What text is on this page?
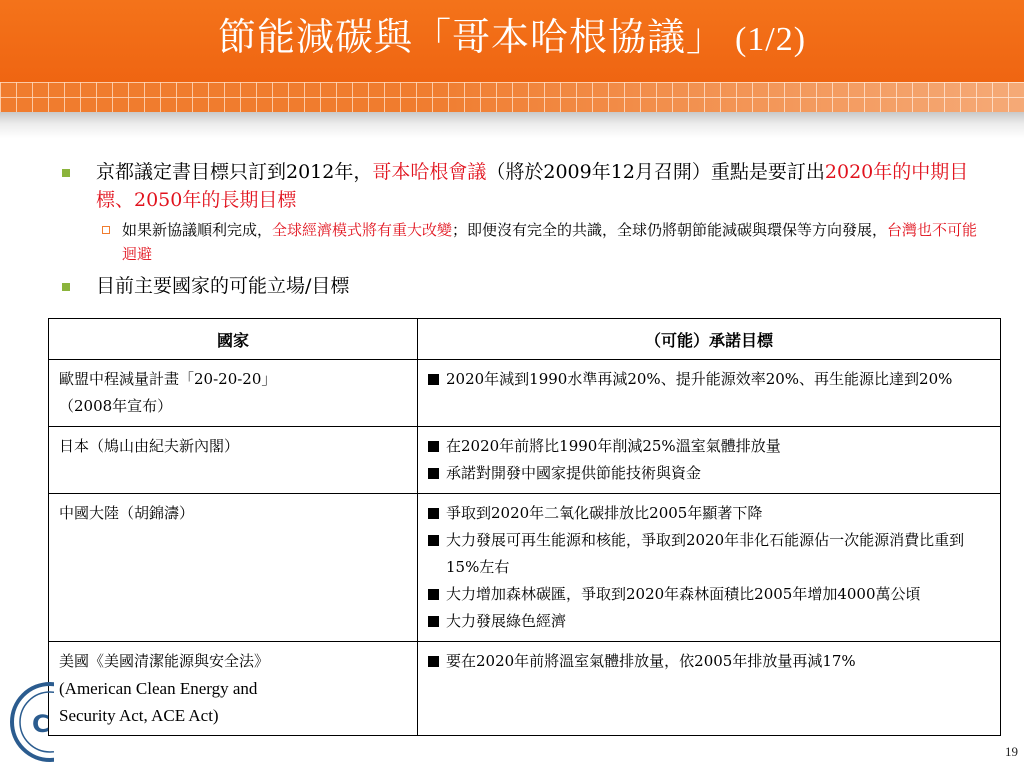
節能減碳與「哥本哈根協議」 (1/2)
京都議定書目標只訂到2012年，哥本哈根會議（將於2009年12月召開）重點是要訂出2020年的中期目標、2050年的長期目標
如果新協議順利完成，全球經濟模式將有重大改變；即便沒有完全的共識，全球仍將朝節能減碳與環保等方向發展，台灣也不可能迴避
目前主要國家的可能立場/目標
國家	（可能）承諾目標

歐盟中程減量計畫「20-20-20」
（2008年宣布）	2020年減到1990水準再減20%、提升能源效率20%、再生能源比達到20%

日本（鳩山由紀夫新內閣）	在2020年前將比1990年削減25%溫室氣體排放量
承諾對開發中國家提供節能技術與資金

中國大陸（胡錦濤）	爭取到2020年二氧化碳排放比2005年顯著下降
大力發展可再生能源和核能，爭取到2020年非化石能源佔一次能源消費比重到15%左右
大力增加森林碳匯，爭取到2020年森林面積比2005年增加4000萬公頃
大力發展綠色經濟

美國《美國清潔能源與安全法》
(American Clean Energy and
Security Act, ACE Act)	要在2020年前將溫室氣體排放量，依2005年排放量再減17%
C
19
